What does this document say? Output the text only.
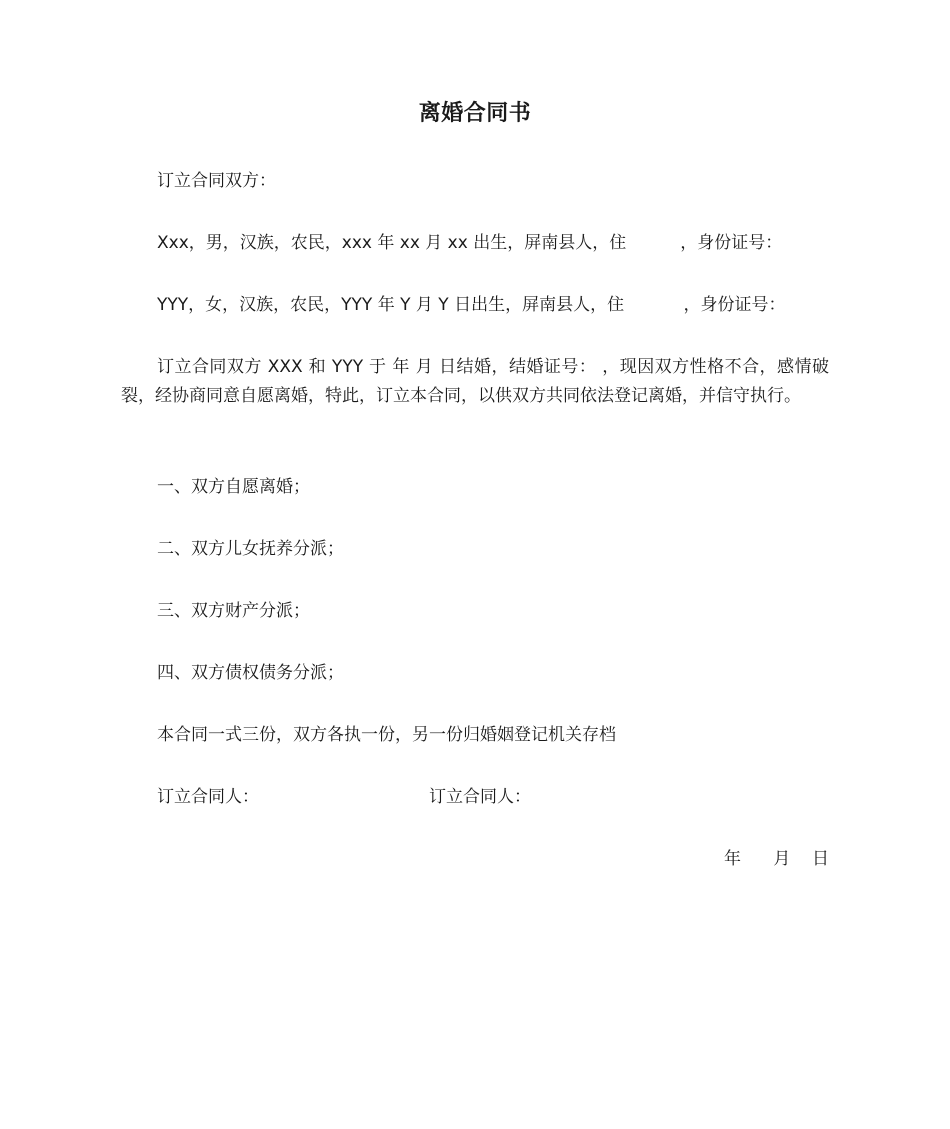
离婚合同书
订立合同双方：
Xxx，男，汉族，农民，xxx 年 xx 月 xx 出生，屏南县人，住          ，身份证号：
YYY，女，汉族，农民，YYY 年 Y 月 Y 日出生，屏南县人，住           ，身份证号：
订立合同双方 XXX 和 YYY 于 年 月 日结婚，结婚证号： ，现因双方性格不合，感情破裂，经协商同意自愿离婚，特此，订立本合同，以供双方共同依法登记离婚，并信守执行。
一、双方自愿离婚；
二、双方儿女抚养分派；
三、双方财产分派；
四、双方债权债务分派；
本合同一式三份，双方各执一份，另一份归婚姻登记机关存档
订立合同人：	订立合同人：
年      月    日
